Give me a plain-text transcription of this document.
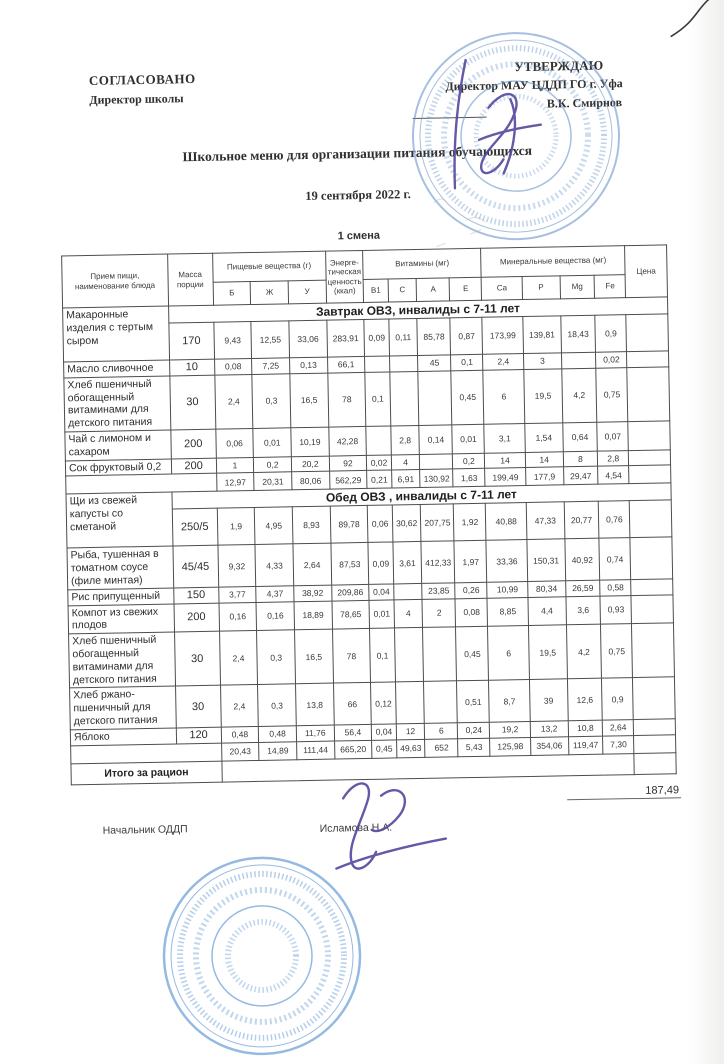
СОГЛАСОВАНО
Директор школы
УТВЕРЖДАЮ
Директор МАУ ЦДДП ГО г. Уфа
В.К. Смирнов
Школьное меню для организации питания обучающихся
19 сентября 2022 г.
1 смена
Прием пищи, наименование блюда	Масса порции	Пищевые вещества (г)			Энерге-тическая ценность (ккал)	Витамины (мг)				Минеральные вещества (мг)				Цена
		Б	Ж	У		В1	С	А	Е	Ca	P	Mg	Fe	
Макаронные изделия с тертым сыром	Завтрак ОВЗ, инвалиды с 7-11 лет													
	170	9,43	12,55	33,06	283,91	0,09	0,11	85,78	0,87	173,99	139,81	18,43	0,9	
Масло сливочное	10	0,08	7,25	0,13	66,1			45	0,1	2,4	3		0,02	
Хлеб пшеничный обогащенный витаминами для детского питания	30	2,4	0,3	16,5	78	0,1			0,45	6	19,5	4,2	0,75	
Чай с лимоном и сахаром	200	0,06	0,01	10,19	42,28		2,8	0,14	0,01	3,1	1,54	0,64	0,07	
Сок фруктовый 0,2	200	1	0,2	20,2	92	0,02	4		0,2	14	14	8	2,8	
		12,97	20,31	80,06	562,29	0,21	6,91	130,92	1,63	199,49	177,9	29,47	4,54	
Щи из свежей капусты со сметаной	Обед ОВЗ , инвалиды с 7-11 лет													
	250/5	1,9	4,95	8,93	89,78	0,06	30,62	207,75	1,92	40,88	47,33	20,77	0,76	
Рыба, тушенная в томатном соусе (филе минтая)	45/45	9,32	4,33	2,64	87,53	0,09	3,61	412,33	1,97	33,36	150,31	40,92	0,74	
Рис припущенный	150	3,77	4,37	38,92	209,86	0,04		23,85	0,26	10,99	80,34	26,59	0,58	
Компот из свежих плодов	200	0,16	0,16	18,89	78,65	0,01	4	2	0,08	8,85	4,4	3,6	0,93	
Хлеб пшеничный обогащенный витаминами для детского питания	30	2,4	0,3	16,5	78	0,1			0,45	6	19,5	4,2	0,75	
Хлеб ржано-пшеничный для детского питания	30	2,4	0,3	13,8	66	0,12			0,51	8,7	39	12,6	0,9	
Яблоко	120	0,48	0,48	11,76	56,4	0,04	12	6	0,24	19,2	13,2	10,8	2,64	
		20,43	14,89	111,44	665,20	0,45	49,63	652	5,43	125,98	354,06	119,47	7,30	
Итого за рацион														
187,49
Начальник ОДДП	Исламова Н.А.
